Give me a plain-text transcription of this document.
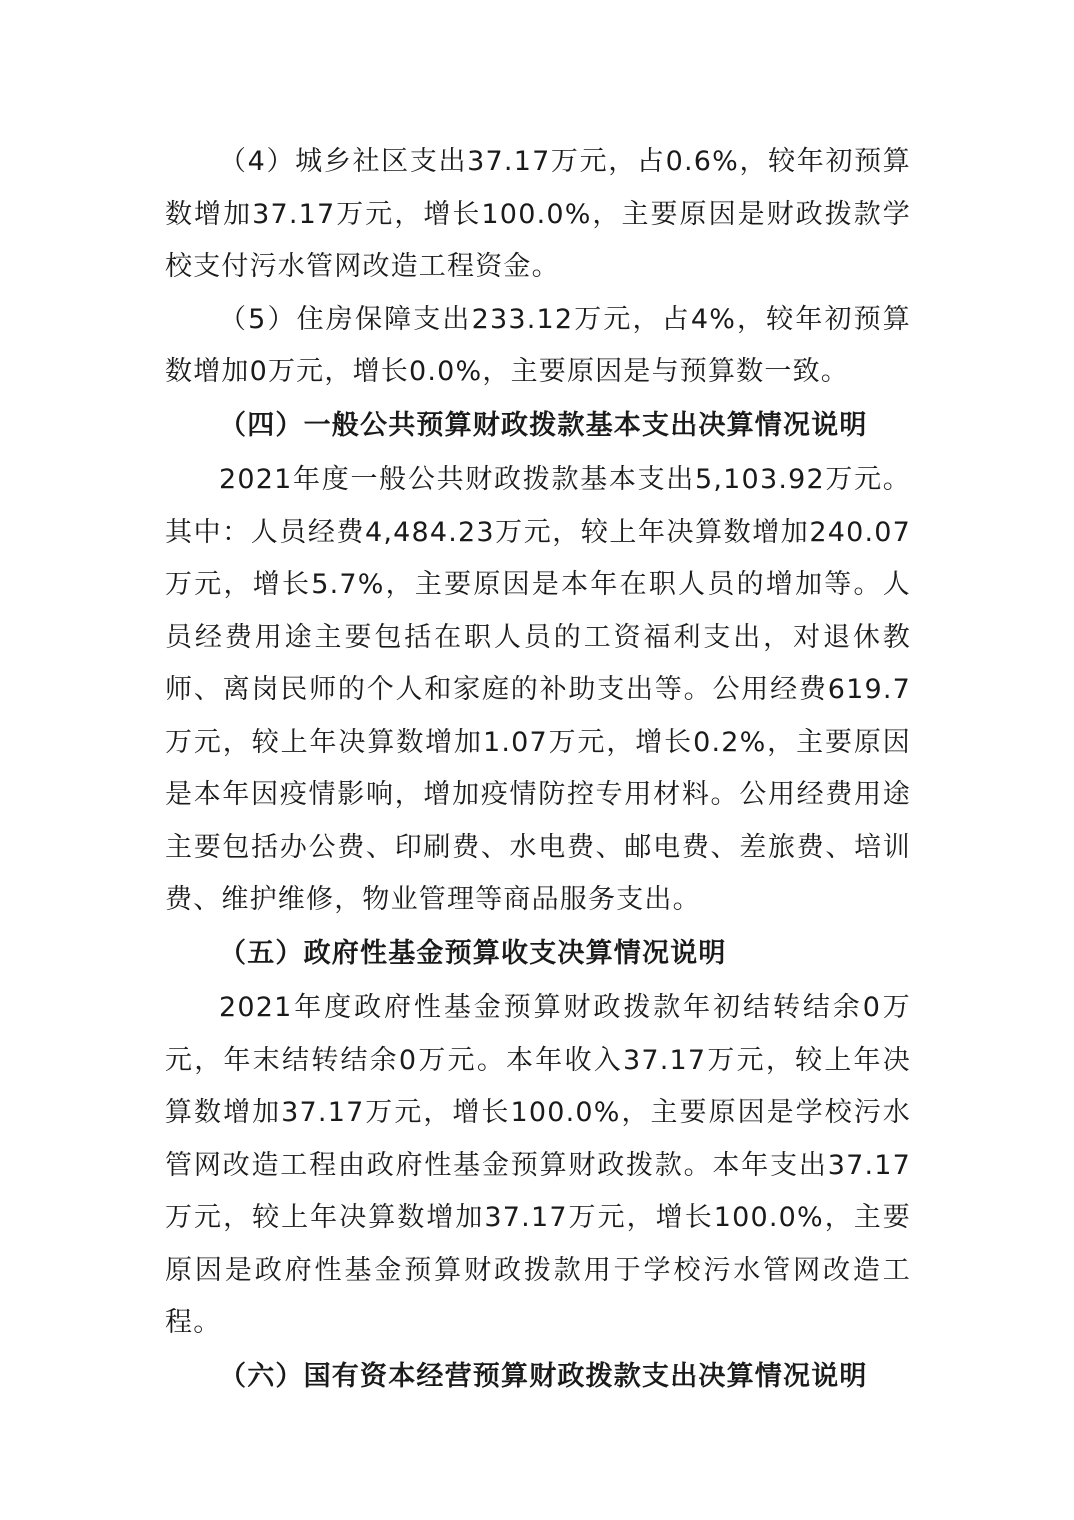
（4）城乡社区支出37.17万元，占0.6%，较年初预算数增加37.17万元，增长100.0%，主要原因是财政拨款学校支付污水管网改造工程资金。

（5）住房保障支出233.12万元，占4%，较年初预算数增加0万元，增长0.0%，主要原因是与预算数一致。

（四）一般公共预算财政拨款基本支出决算情况说明

2021年度一般公共财政拨款基本支出5,103.92万元。其中：人员经费4,484.23万元，较上年决算数增加240.07万元，增长5.7%，主要原因是本年在职人员的增加等。人员经费用途主要包括在职人员的工资福利支出，对退休教师、离岗民师的个人和家庭的补助支出等。公用经费619.7万元，较上年决算数增加1.07万元，增长0.2%，主要原因是本年因疫情影响，增加疫情防控专用材料。公用经费用途主要包括办公费、印刷费、水电费、邮电费、差旅费、培训费、维护维修，物业管理等商品服务支出。

（五）政府性基金预算收支决算情况说明

2021年度政府性基金预算财政拨款年初结转结余0万元，年末结转结余0万元。本年收入37.17万元，较上年决算数增加37.17万元，增长100.0%，主要原因是学校污水管网改造工程由政府性基金预算财政拨款。本年支出37.17万元，较上年决算数增加37.17万元，增长100.0%，主要原因是政府性基金预算财政拨款用于学校污水管网改造工程。

（六）国有资本经营预算财政拨款支出决算情况说明
